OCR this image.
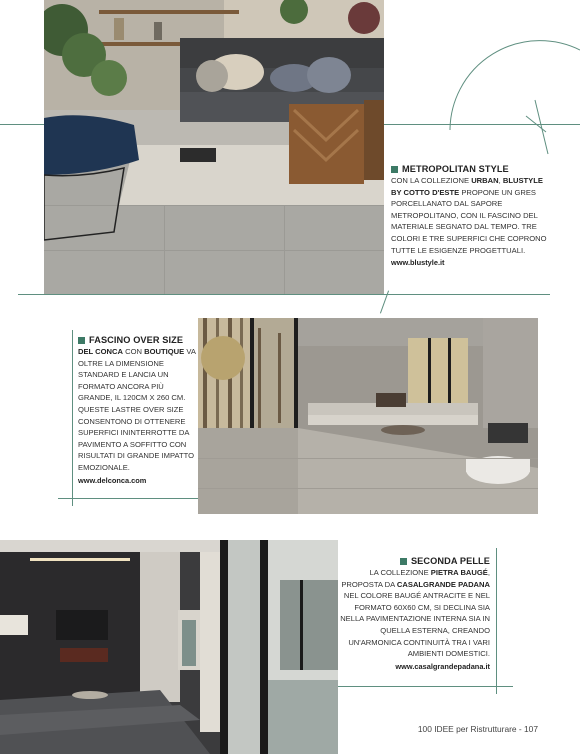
METROPOLITAN STYLE
CON LA COLLEZIONE URBAN, BLUSTYLE BY COTTO D'ESTE PROPONE UN GRES PORCELLANATO DAL SAPORE METROPOLITANO, CON IL FASCINO DEL MATERIALE SEGNATO DAL TEMPO. TRE COLORI E TRE SUPERFICI CHE COPRONO TUTTE LE ESIGENZE PROGETTUALI.
www.blustyle.it
FASCINO OVER SIZE
DEL CONCA CON BOUTIQUE VA OLTRE LA DIMENSIONE STANDARD E LANCIA UN FORMATO ANCORA PIÙ GRANDE, IL 120CM X 260 CM. QUESTE LASTRE OVER SIZE CONSENTONO DI OTTENERE SUPERFICI ININTERROTTE DA PAVIMENTO A SOFFITTO CON RISULTATI DI GRANDE IMPATTO EMOZIONALE.
www.delconca.com
SECONDA PELLE
LA COLLEZIONE PIETRA BAUGÉ, PROPOSTA DA CASALGRANDE PADANA NEL COLORE BAUGÉ ANTRACITE E NEL FORMATO 60X60 CM, SI DECLINA SIA NELLA PAVIMENTAZIONE INTERNA SIA IN QUELLA ESTERNA, CREANDO UN'ARMONICA CONTINUITÀ TRA I VARI AMBIENTI DOMESTICI.
www.casalgrandepadana.it
100 IDEE per Ristrutturare - 107
